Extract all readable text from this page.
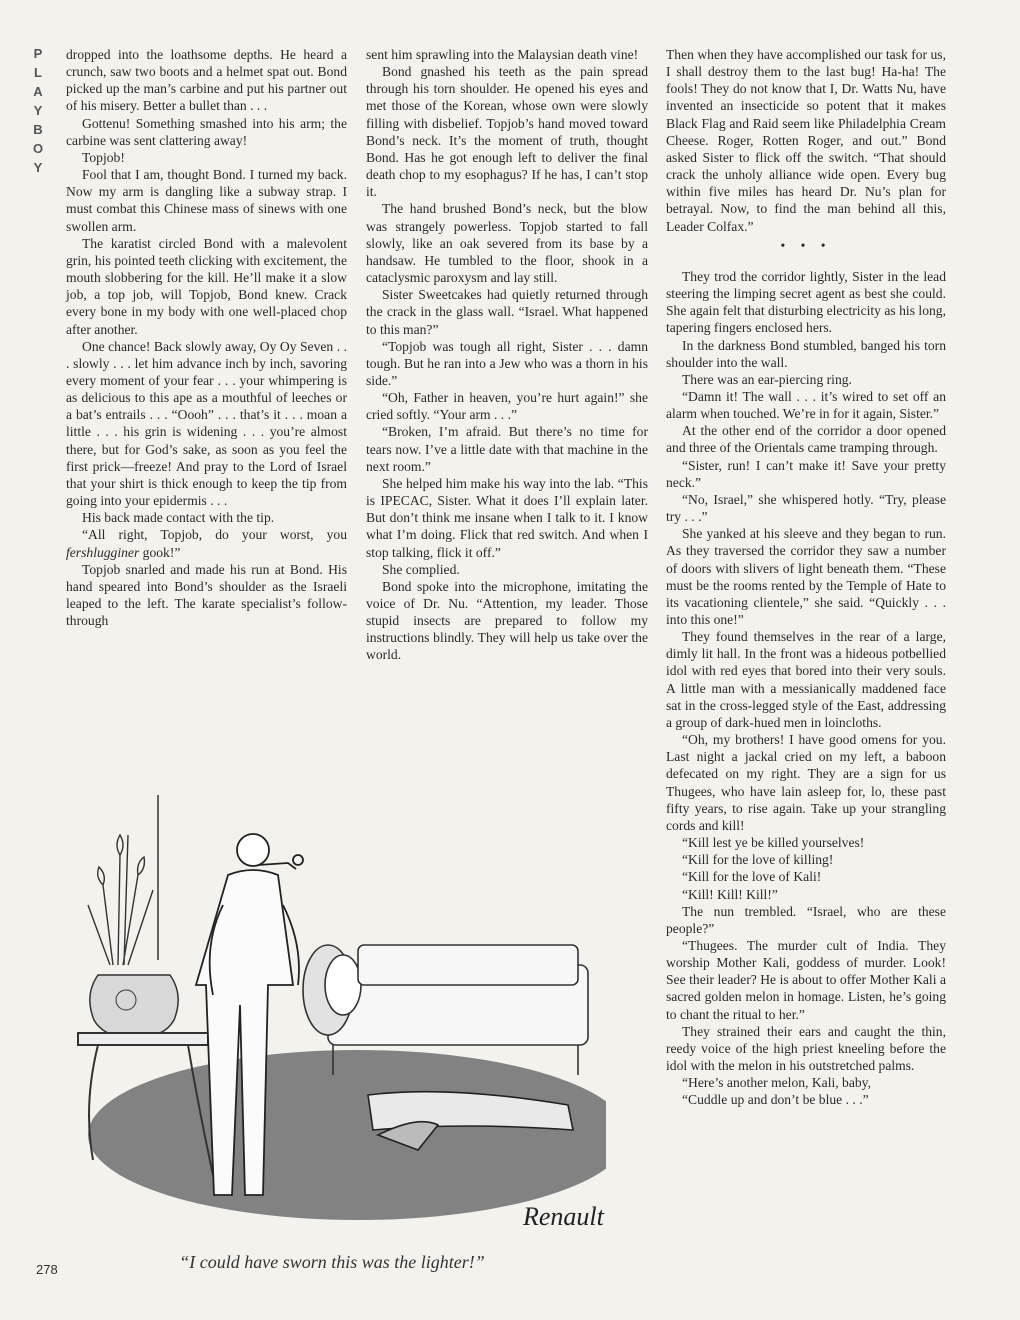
P
L
A
Y
B
O
Y

dropped into the loathsome depths. He heard a crunch, saw two boots and a helmet spat out. Bond picked up the man’s carbine and put his partner out of his misery. Better a bullet than . . .

Gottenu! Something smashed into his arm; the carbine was sent clattering away!

Topjob!

Fool that I am, thought Bond. I turned my back. Now my arm is dangling like a subway strap. I must combat this Chinese mass of sinews with one swollen arm.

The karatist circled Bond with a malevolent grin, his pointed teeth clicking with excitement, the mouth slobbering for the kill. He’ll make it a slow job, a top job, will Topjob, Bond knew. Crack every bone in my body with one well-placed chop after another.

One chance! Back slowly away, Oy Oy Seven . . . slowly . . . let him advance inch by inch, savoring every moment of your fear . . . your whimpering is as delicious to this ape as a mouthful of leeches or a bat’s entrails . . . “Oooh” . . . that’s it . . . moan a little . . . his grin is widening . . . you’re almost there, but for God’s sake, as soon as you feel the first prick—freeze! And pray to the Lord of Israel that your shirt is thick enough to keep the tip from going into your epidermis . . .

His back made contact with the tip.

“All right, Topjob, do your worst, you fershlugginer gook!”

Topjob snarled and made his run at Bond. His hand speared into Bond’s shoulder as the Israeli leaped to the left. The karate specialist’s follow-through

sent him sprawling into the Malaysian death vine!

Bond gnashed his teeth as the pain spread through his torn shoulder. He opened his eyes and met those of the Korean, whose own were slowly filling with disbelief. Topjob’s hand moved toward Bond’s neck. It’s the moment of truth, thought Bond. Has he got enough left to deliver the final death chop to my esophagus? If he has, I can’t stop it.

The hand brushed Bond’s neck, but the blow was strangely powerless. Topjob started to fall slowly, like an oak severed from its base by a handsaw. He tumbled to the floor, shook in a cataclysmic paroxysm and lay still.

Sister Sweetcakes had quietly returned through the crack in the glass wall. “Israel. What happened to this man?”

“Topjob was tough all right, Sister . . . damn tough. But he ran into a Jew who was a thorn in his side.”

“Oh, Father in heaven, you’re hurt again!” she cried softly. “Your arm . . .”

“Broken, I’m afraid. But there’s no time for tears now. I’ve a little date with that machine in the next room.”

She helped him make his way into the lab. “This is IPECAC, Sister. What it does I’ll explain later. But don’t think me insane when I talk to it. I know what I’m doing. Flick that red switch. And when I stop talking, flick it off.”

She complied.

Bond spoke into the microphone, imitating the voice of Dr. Nu. “Attention, my leader. Those stupid insects are prepared to follow my instructions blindly. They will help us take over the world.

Then when they have accomplished our task for us, I shall destroy them to the last bug! Ha-ha! The fools! They do not know that I, Dr. Watts Nu, have invented an insecticide so potent that it makes Black Flag and Raid seem like Philadelphia Cream Cheese. Roger, Rotten Roger, and out.” Bond asked Sister to flick off the switch. “That should crack the unholy alliance wide open. Every bug within five miles has heard Dr. Nu’s plan for betrayal. Now, to find the man behind all this, Leader Colfax.”

• • •

They trod the corridor lightly, Sister in the lead steering the limping secret agent as best she could. She again felt that disturbing electricity as his long, tapering fingers enclosed hers.

In the darkness Bond stumbled, banged his torn shoulder into the wall.

There was an ear-piercing ring.

“Damn it! The wall . . . it’s wired to set off an alarm when touched. We’re in for it again, Sister.”

At the other end of the corridor a door opened and three of the Orientals came tramping through.

“Sister, run! I can’t make it! Save your pretty neck.”

“No, Israel,” she whispered hotly. “Try, please try . . .”

She yanked at his sleeve and they began to run. As they traversed the corridor they saw a number of doors with slivers of light beneath them. “These must be the rooms rented by the Temple of Hate to its vacationing clientele,” she said. “Quickly . . . into this one!”

They found themselves in the rear of a large, dimly lit hall. In the front was a hideous potbellied idol with red eyes that bored into their very souls. A little man with a messianically maddened face sat in the cross-legged style of the East, addressing a group of dark-hued men in loincloths.

“Oh, my brothers! I have good omens for you. Last night a jackal cried on my left, a baboon defecated on my right. They are a sign for us Thugees, who have lain asleep for, lo, these past fifty years, to rise again. Take up your strangling cords and kill!

“Kill lest ye be killed yourselves!

“Kill for the love of killing!

“Kill for the love of Kali!

“Kill! Kill! Kill!”

The nun trembled. “Israel, who are these people?”

“Thugees. The murder cult of India. They worship Mother Kali, goddess of murder. Look! See their leader? He is about to offer Mother Kali a sacred golden melon in homage. Listen, he’s going to chant the ritual to her.”

They strained their ears and caught the thin, reedy voice of the high priest kneeling before the idol with the melon in his outstretched palms.

“Here’s another melon, Kali, baby,

“Cuddle up and don’t be blue . . .”

Renault
“I could have sworn this was the lighter!”
278
